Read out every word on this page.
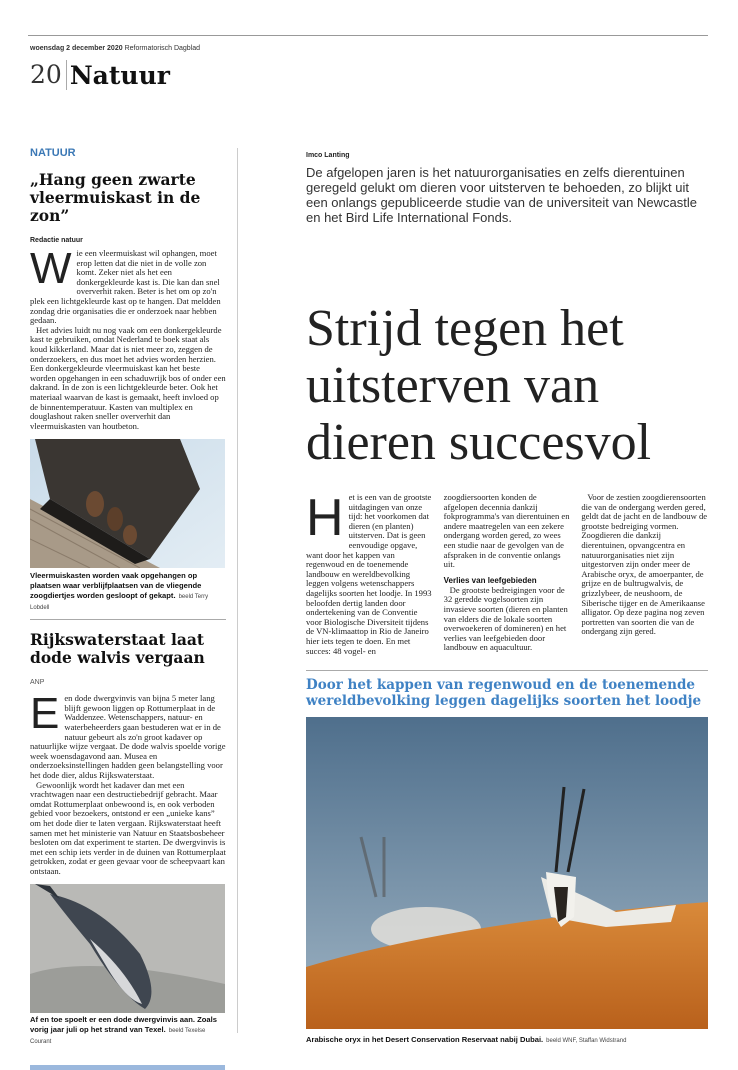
woensdag 2 december 2020 Reformatorisch Dagblad
20 Natuur
NATUUR
„Hang geen zwarte vleermuiskast in de zon”
Redactie natuur

Wie een vleermuiskast wil ophangen, moet erop letten dat die niet in de volle zon komt. Zeker niet als het een donkergekleurde kast is. Die kan dan snel oververhit raken. Beter is het om op zo'n plek een lichtgekleurde kast op te hangen. Dat meldden zondag drie organisaties die er onderzoek naar hebben gedaan.

Het advies luidt nu nog vaak om een donkergekleurde kast te gebruiken, omdat Nederland te boek staat als koud kikkerland. Maar dat is niet meer zo, zeggen de onderzoekers, en dus moet het advies worden herzien. Een donkergekleurde vleermuiskast kan het beste worden opgehangen in een schaduwrijk bos of onder een dakrand. In de zon is een lichtgekleurde beter. Ook het materiaal waarvan de kast is gemaakt, heeft invloed op de binnentemperatuur. Kasten van multiplex en douglashout raken sneller oververhit dan vleermuiskasten van houtbeton.

Vleermuiskasten worden vaak opgehangen op plaatsen waar verblijfplaatsen van de vliegende zoogdiertjes worden gesloopt of gekapt. beeld Terry Lobdell
Rijkswaterstaat laat dode walvis vergaan
ANP

Een dode dwergvinvis van bijna 5 meter lang blijft gewoon liggen op Rottumerplaat in de Waddenzee. Wetenschappers, natuur- en waterbeheerders gaan bestuderen wat er in de natuur gebeurt als zo'n groot kadaver op natuurlijke wijze vergaat. De dode walvis spoelde vorige week woensdagavond aan. Musea en onderzoeksinstellingen hadden geen belangstelling voor het dode dier, aldus Rijkswaterstaat.

Gewoonlijk wordt het kadaver dan met een vrachtwagen naar een destructiebedrijf gebracht. Maar omdat Rottumerplaat onbewoond is, en ook verboden gebied voor bezoekers, ontstond er een „unieke kans” om het dode dier te laten vergaan. Rijkswaterstaat heeft samen met het ministerie van Natuur en Staatsbosbeheer besloten om dat experiment te starten. De dwergvinvis is met een schip iets verder in de duinen van Rottumerplaat getrokken, zodat er geen gevaar voor de scheepvaart kan ontstaan.

Af en toe spoelt er een dode dwergvinvis aan. Zoals vorig jaar juli op het strand van Texel. beeld Texelse Courant
Imco Lanting
De afgelopen jaren is het natuurorganisaties en zelfs dierentuinen geregeld gelukt om dieren voor uitsterven te behoeden, zo blijkt uit een onlangs gepubliceerde studie van de universiteit van Newcastle en het Bird Life International Fonds.
Strijd tegen het uitsterven van dieren succesvol

Het is een van de grootste uitdagingen van onze tijd: het voorkomen dat dieren (en planten) uitsterven. Dat is geen eenvoudige opgave, want door het kappen van regenwoud en de toenemende landbouw en wereldbevolking leggen volgens wetenschappers dagelijks soorten het loodje. In 1993 beloofden dertig landen door ondertekening van de Conventie voor Biologische Diversiteit tijdens de VN-klimaattop in Rio de Janeiro hier iets tegen te doen. En met succes: 48 vogel- en zoogdiersoorten konden de afgelopen decennia dankzij fokprogramma's van dierentuinen en andere maatregelen van een zekere ondergang worden gered, zo wees een studie naar de gevolgen van de afspraken in de conventie onlangs uit.

Verlies van leefgebieden

De grootste bedreigingen voor de 32 geredde vogelsoorten zijn invasieve soorten (dieren en planten van elders die de lokale soorten overwoekeren of domineren) en het verlies van leefgebieden door landbouw en aquacultuur.

Voor de zestien zoogdierensoorten die van de ondergang werden gered, geldt dat de jacht en de landbouw de grootste bedreiging vormen. Zoogdieren die dankzij dierentuinen, opvangcentra en natuurorganisaties niet zijn uitgestorven zijn onder meer de Arabische oryx, de amoerpanter, de grijze en de bultrugwalvis, de grizzlybeer, de neushoorn, de Siberische tijger en de Amerikaanse alligator. Op deze pagina nog zeven portretten van soorten die van de ondergang zijn gered.

Door het kappen van regenwoud en de toenemende wereldbevolking leggen dagelijks soorten het loodje
Arabische oryx in het Desert Conservation Reservaat nabij Dubai. beeld WNF, Staffan Widstrand
